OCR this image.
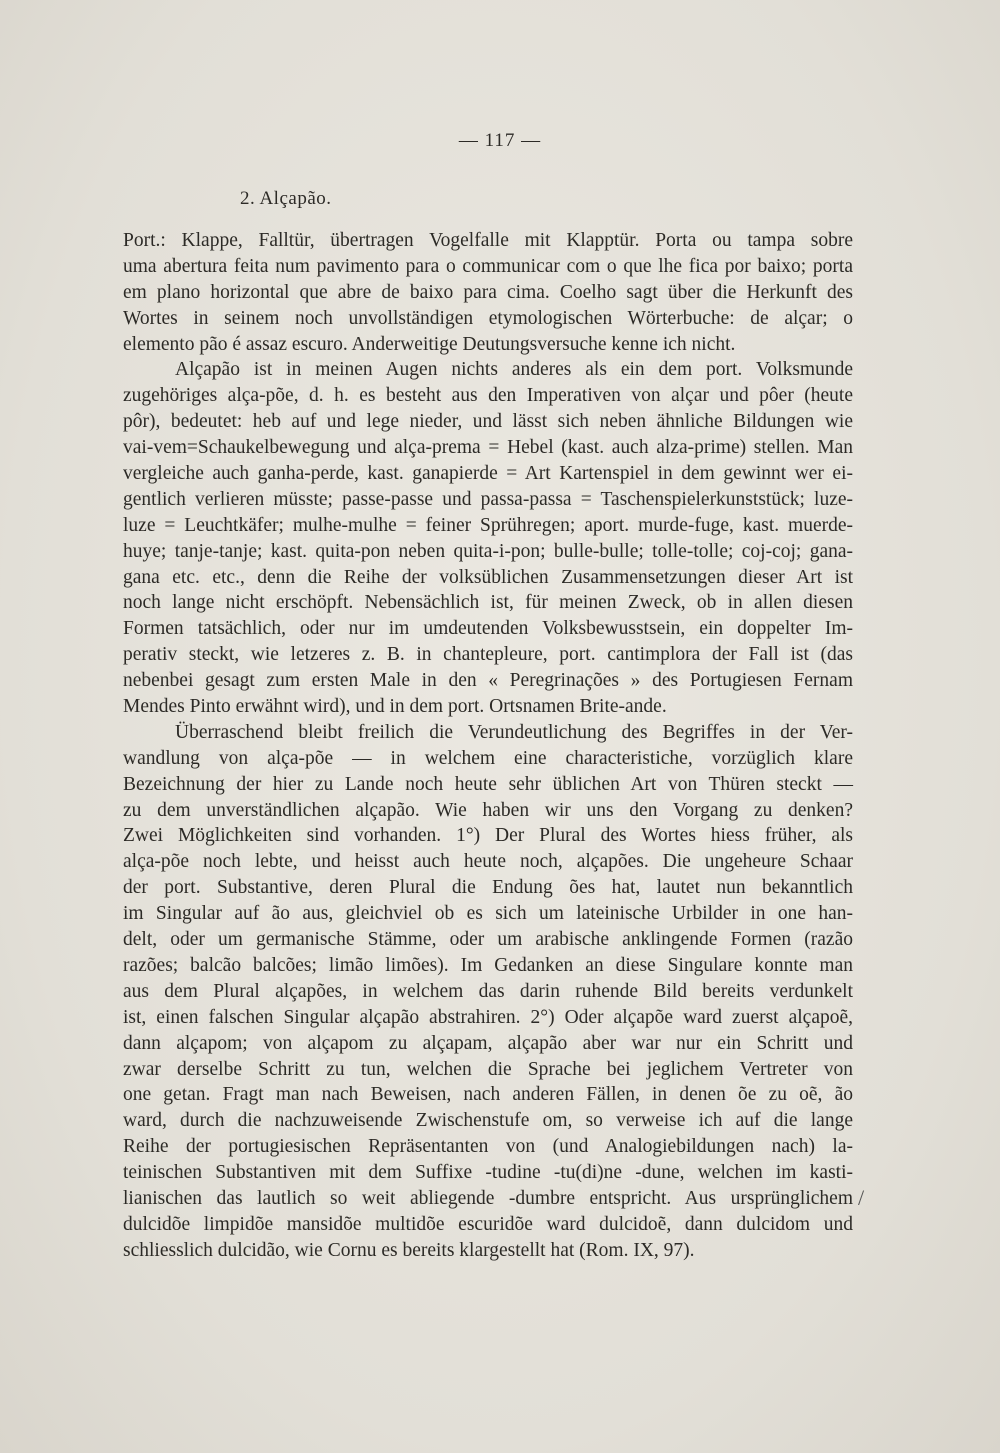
— 117 —
2. Alçapão.
Port.: Klappe, Falltür, übertragen Vogelfalle mit Klapptür. Porta ou tampa sobre
uma abertura feita num pavimento para o communicar com o que lhe fica por baixo; porta
em plano horizontal que abre de baixo para cima. Coelho sagt über die Herkunft des
Wortes in seinem noch unvollständigen etymologischen Wörterbuche: de alçar; o
elemento pão é assaz escuro. Anderweitige Deutungsversuche kenne ich nicht.
Alçapão ist in meinen Augen nichts anderes als ein dem port. Volksmunde
zugehöriges alça-põe, d. h. es besteht aus den Imperativen von alçar und pôer (heute
pôr), bedeutet: heb auf und lege nieder, und lässt sich neben ähnliche Bildungen wie
vai-vem=Schaukelbewegung und alça-prema = Hebel (kast. auch alza-prime) stellen. Man
vergleiche auch ganha-perde, kast. ganapierde = Art Kartenspiel in dem gewinnt wer ei-
gentlich verlieren müsste; passe-passe und passa-passa = Taschenspielerkunststück; luze-
luze = Leuchtkäfer; mulhe-mulhe = feiner Sprühregen; aport. murde-fuge, kast. muerde-
huye; tanje-tanje; kast. quita-pon neben quita-i-pon; bulle-bulle; tolle-tolle; coj-coj; gana-
gana etc. etc., denn die Reihe der volksüblichen Zusammensetzungen dieser Art ist
noch lange nicht erschöpft. Nebensächlich ist, für meinen Zweck, ob in allen diesen
Formen tatsächlich, oder nur im umdeutenden Volksbewusstsein, ein doppelter Im-
perativ steckt, wie letzeres z. B. in chantepleure, port. cantimplora der Fall ist (das
nebenbei gesagt zum ersten Male in den « Peregrinações » des Portugiesen Fernam
Mendes Pinto erwähnt wird), und in dem port. Ortsnamen Brite-ande.
Überraschend bleibt freilich die Verundeutlichung des Begriffes in der Ver-
wandlung von alça-põe — in welchem eine characteristiche, vorzüglich klare
Bezeichnung der hier zu Lande noch heute sehr üblichen Art von Thüren steckt —
zu dem unverständlichen alçapão. Wie haben wir uns den Vorgang zu denken?
Zwei Möglichkeiten sind vorhanden. 1°) Der Plural des Wortes hiess früher, als
alça-põe noch lebte, und heisst auch heute noch, alçapões. Die ungeheure Schaar
der port. Substantive, deren Plural die Endung ões hat, lautet nun bekanntlich
im Singular auf ão aus, gleichviel ob es sich um lateinische Urbilder in one han-
delt, oder um germanische Stämme, oder um arabische anklingende Formen (razão
razões; balcão balcões; limão limões). Im Gedanken an diese Singulare konnte man
aus dem Plural alçapões, in welchem das darin ruhende Bild bereits verdunkelt
ist, einen falschen Singular alçapão abstrahiren. 2°) Oder alçapõe ward zuerst alçapoẽ,
dann alçapom; von alçapom zu alçapam, alçapão aber war nur ein Schritt und
zwar derselbe Schritt zu tun, welchen die Sprache bei jeglichem Vertreter von
one getan. Fragt man nach Beweisen, nach anderen Fällen, in denen õe zu oẽ, ão
ward, durch die nachzuweisende Zwischenstufe om, so verweise ich auf die lange
Reihe der portugiesischen Repräsentanten von (und Analogiebildungen nach) la-
teinischen Substantiven mit dem Suffixe -tudine -tu(di)ne -dune, welchen im kasti-
lianischen das lautlich so weit abliegende -dumbre entspricht. Aus ursprünglichem
dulcidõe limpidõe mansidõe multidõe escuridõe ward dulcidoẽ, dann dulcidom und
schliesslich dulcidão, wie Cornu es bereits klargestellt hat (Rom. IX, 97).
/
